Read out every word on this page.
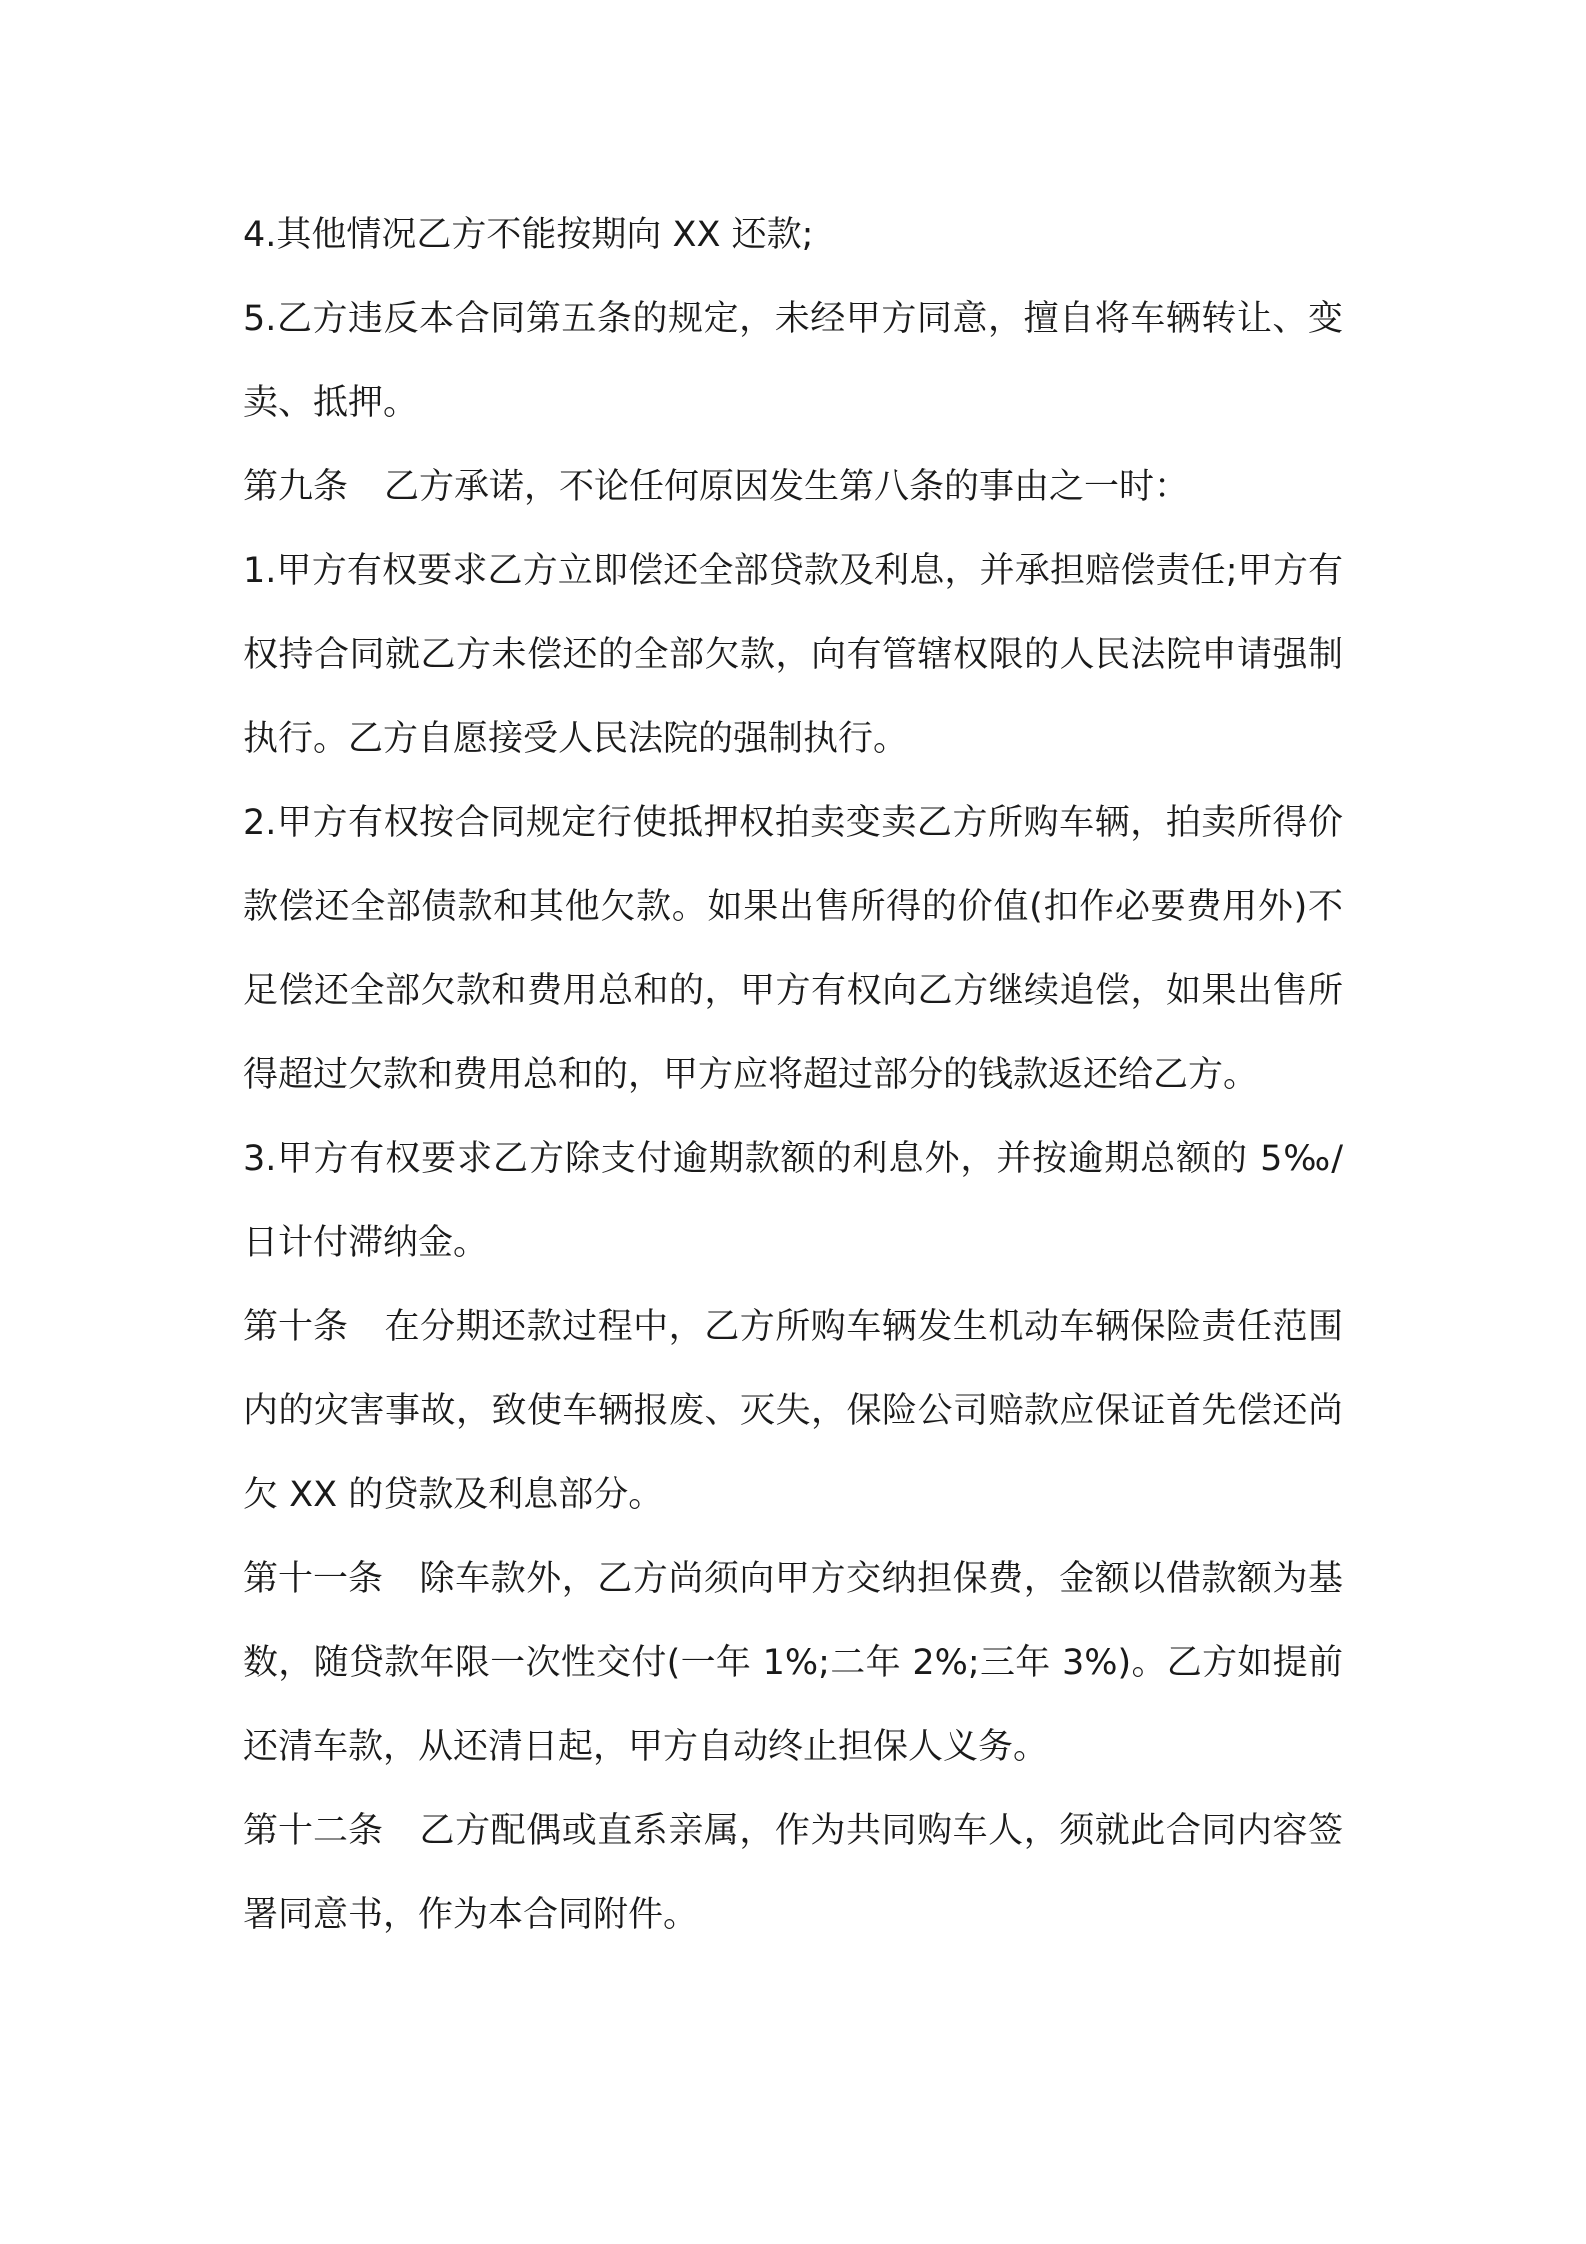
4.其他情况乙方不能按期向 XX 还款;

5.乙方违反本合同第五条的规定，未经甲方同意，擅自将车辆转让、变卖、抵押。

第九条 乙方承诺，不论任何原因发生第八条的事由之一时：

1.甲方有权要求乙方立即偿还全部贷款及利息，并承担赔偿责任;甲方有权持合同就乙方未偿还的全部欠款，向有管辖权限的人民法院申请强制执行。乙方自愿接受人民法院的强制执行。

2.甲方有权按合同规定行使抵押权拍卖变卖乙方所购车辆，拍卖所得价款偿还全部债款和其他欠款。如果出售所得的价值(扣作必要费用外)不足偿还全部欠款和费用总和的，甲方有权向乙方继续追偿，如果出售所得超过欠款和费用总和的，甲方应将超过部分的钱款返还给乙方。

3.甲方有权要求乙方除支付逾期款额的利息外，并按逾期总额的 5‰/日计付滞纳金。

第十条 在分期还款过程中，乙方所购车辆发生机动车辆保险责任范围内的灾害事故，致使车辆报废、灭失，保险公司赔款应保证首先偿还尚欠 XX 的贷款及利息部分。

第十一条 除车款外，乙方尚须向甲方交纳担保费，金额以借款额为基数，随贷款年限一次性交付(一年 1%;二年 2%;三年 3%)。乙方如提前还清车款，从还清日起，甲方自动终止担保人义务。

第十二条 乙方配偶或直系亲属，作为共同购车人，须就此合同内容签署同意书，作为本合同附件。
